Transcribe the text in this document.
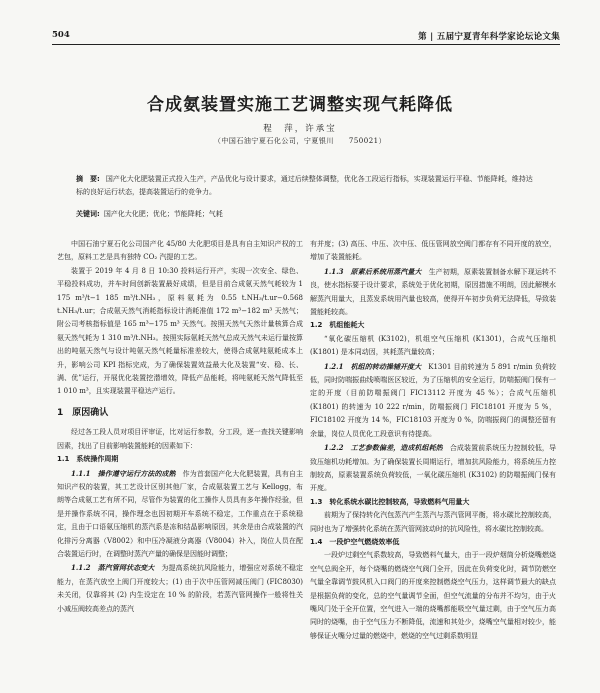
504	第 | 五届宁夏青年科学家论坛论文集
合成氨装置实施工艺调整实现气耗降低
程　萍，许承宝
（中国石油宁夏石化公司，宁夏银川　　750021）
摘　要: 国产化大化肥装置正式投入生产，产品优化与设计要求，通过后续整体调整，优化各工段运行指标，实现装置运行平稳、节能降耗，维持达标的良好运行状态，提高装置运行的竞争力。
关键词: 国产化大化肥；优化；节能降耗；气耗

中国石油宁夏石化公司国产化 45/80 大化肥项目是具有自主知识产权的工艺包，原料工艺是具有独特 CO₂ 汽提的工艺。

装置于 2019 年 4 月 8 日 10:30 投料运行开产，实现一次安全、绿色、平稳投料成功，并车时间创新装置最好成绩，但是目前合成氨天然气耗较为 1 175 m³/t−1 185 m³/t.NH₃，原料氨耗为 0.55 t.NH₃/t.ur−0.568 t.NH₃/t.ur；合成氨天然气消耗指标设计消耗准值 172 m³−182 m³ 天然气；附公司考核指标值是 165 m³−175 m³ 天然气。按照天然气天然计量核算合成氨天然气耗为 1 310 m³/t.NH₃。按照实际氨耗天然气总成天然气未运行量按算出的吨氨天然气与设计吨氨天然气耗量标准差较大，使得合成氨吨氨耗成本上升，影响公司 KPI 指标完成，为了确保装置效益最大化及装置“安、稳、长、满、优”运行，开展优化装置挖潜增效，降低产品能耗，将吨氨耗天然气降低至 1 010 m³，且实现装置平稳达产运行。

1　原因确认

经过各工段人员对项目评审证，比对运行参数，分工段，逐一查找关键影响因素，找出了目前影响装置能耗的因素如下：

1.1　系统操作周期

1.1.1　操作遵守运行方法的成熟　 作为首套国产化大化肥装置，具有自主知识产权的装置，其工艺设计区别其他厂家，合成氨装置工艺与 Kellogg，布朗等合成氨工艺有所不同，尽管作为装置的化工操作人员具有多年操作经验，但是并操作系统不同，操作理念也因初期开车系统不稳定，工作重点在于系统稳定，且由于口语氨压缩机的蒸汽系是冻和结晶影响原因，其余是由合成装置的汽化排污分离器（V8002）和中压冷凝液分离器（V8004）补入，岗位人员在配合装置运行时，在调整时蒸汽产量的确保是因能时调整；

1.1.2　蒸汽管网状态变大　 为提高系统抗风险能力，增强应对系统不稳定能力，在蒸汽放空上阀门开度较大；(1) 由于次中压管网减压阀门 (FIC8030) 未关闭，仅靠将其 (2) 内生设定在 10 % 的阶段，若蒸汽管网操作一般将性关小减压阀较高差点的蒸汽

有并度；(3) 高压、中压、次中压、低压管网放空阀门都存有不同开度的放空，增加了装置能耗。

1.1.3　原素后系统用蒸汽量大　 生产初期，原素装置制备水解下现运转不良，使水指标要于设计要求，系统处于优化初期，原因措施不明朗，因此解模水解蒸汽用量大，且蒸发系统用汽量也较高，使得开车初步负荷无法降低，导致装置能耗较高。

1.2　机组能耗大

“氧化碳压缩机 (K3102)，机组空气压缩机 (K1301)，合成气压缩机 (K1801) 是本同动因，其耗蒸汽量较高；

1.2.1　机组的转动操辅开度大　 K1301 目前转速为 5 891 r/min 负荷较低，同时防喘振曲线喷喘医区较近，为了压缩机的安全运行，防喘振阀门保有一定的开度（目前防喘振阀门 FIC13112 开度为 45 %）；合成气压缩机 (K1801) 的转速为 10 222 r/min，防喘振阀门 FIC18101 开度为 5 %，FIC18102 开度为 14 %，FIC18103 开度为 0 %，防喘振阀门的调整还留有余量，岗位人员优化工段意识有待提高。

1.2.2　工艺参数偏差，造成机组耗热　 合成装置前系统压力控制较低，导致压缩机功耗增加。为了确保装置长周期运行，增加抗风险能力，将系统压力控制较高，原素装置系统负荷较低，一氧化碳压缩机 (K3102) 的防喘振阀门保有开度。

1.3　转化系统水碳比控制较高，导致燃料气用量大

前期为了保持转化汽包蒸汽产生蒸汽与蒸汽管网平衡，将水碳比控制较高，同时也为了增强转化系统在蒸汽管网波动时的抗风险性，将水碳比控制较高。

1.4　一段炉空气燃烧效率低

一段炉过剩空气系数较高，导致燃料气量大，由于一段炉烟筒分析烧嘴燃烧空气总阀全开，每个烧嘴的燃烧空气阀门全开，因此在负荷变化时，调节防燃空气量全靠调节鼓风机入口阀门的开度来控制燃烧空气压力，这样调节最大的缺点是根据负荷的变化，总的空气量调节全面，但空气流量的分布并不均匀，由于火嘴风门处于全开位置，空气进入一端的烧嘴都能吸空气量过剩，由于空气压力高同时的烧嘴，由于空气压力不断降低，流速和其处少，烧嘴空气量相对较少，能够保证火嘴分过量的燃烧中，燃烧的空气过剩系数明显
